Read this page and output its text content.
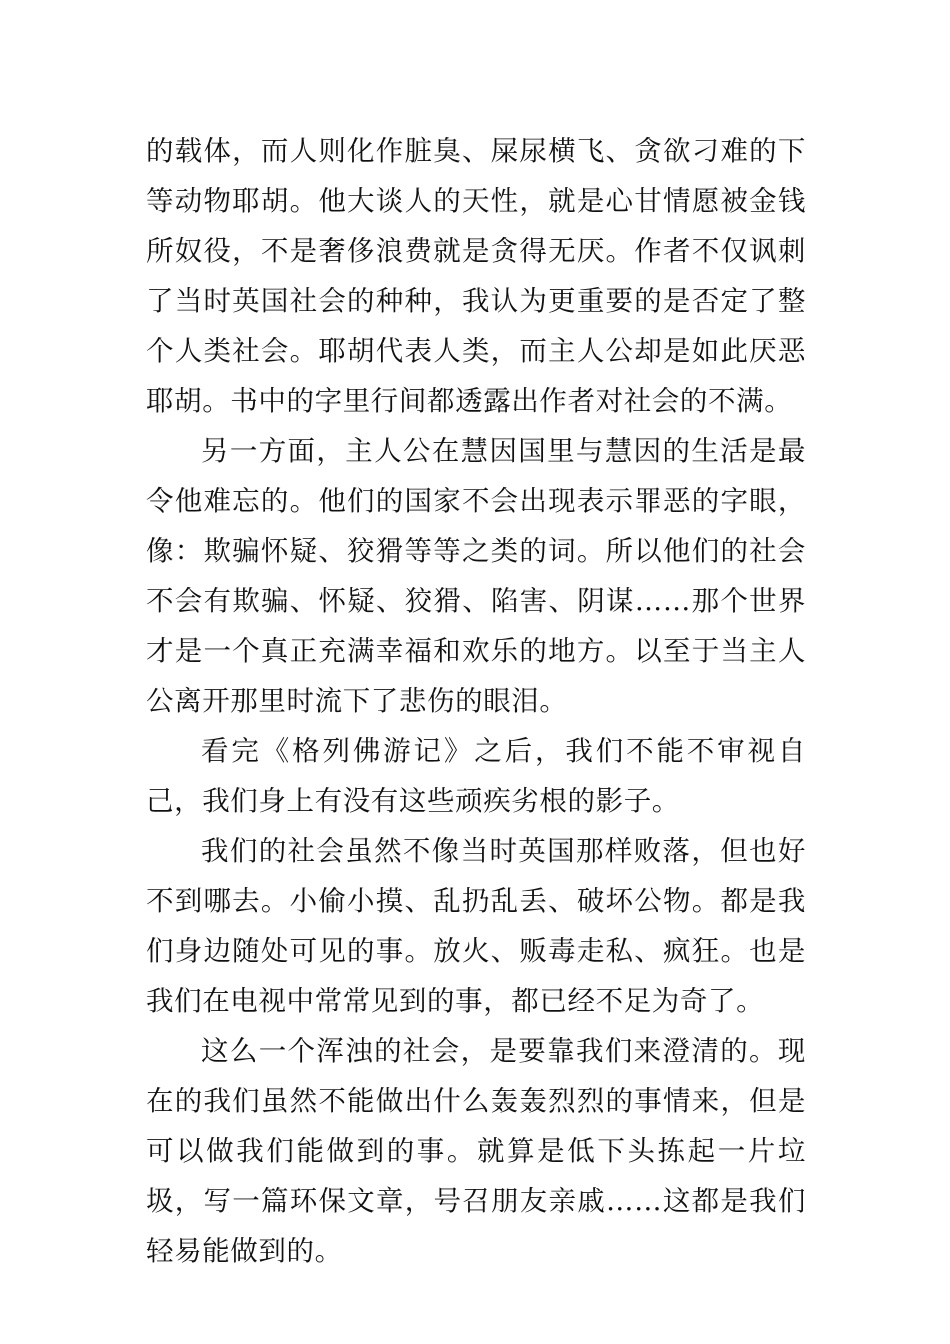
的载体，而人则化作脏臭、屎尿横飞、贪欲刁难的下等动物耶胡。他大谈人的天性，就是心甘情愿被金钱所奴役，不是奢侈浪费就是贪得无厌。作者不仅讽刺了当时英国社会的种种，我认为更重要的是否定了整个人类社会。耶胡代表人类，而主人公却是如此厌恶耶胡。书中的字里行间都透露出作者对社会的不满。

另一方面，主人公在慧因国里与慧因的生活是最令他难忘的。他们的国家不会出现表示罪恶的字眼，像：欺骗怀疑、狡猾等等之类的词。所以他们的社会不会有欺骗、怀疑、狡猾、陷害、阴谋……那个世界才是一个真正充满幸福和欢乐的地方。以至于当主人公离开那里时流下了悲伤的眼泪。

看完《格列佛游记》之后，我们不能不审视自己，我们身上有没有这些顽疾劣根的影子。

我们的社会虽然不像当时英国那样败落，但也好不到哪去。小偷小摸、乱扔乱丢、破坏公物。都是我们身边随处可见的事。放火、贩毒走私、疯狂。也是我们在电视中常常见到的事，都已经不足为奇了。

这么一个浑浊的社会，是要靠我们来澄清的。现在的我们虽然不能做出什么轰轰烈烈的事情来，但是可以做我们能做到的事。就算是低下头拣起一片垃圾，写一篇环保文章，号召朋友亲戚……这都是我们轻易能做到的。
